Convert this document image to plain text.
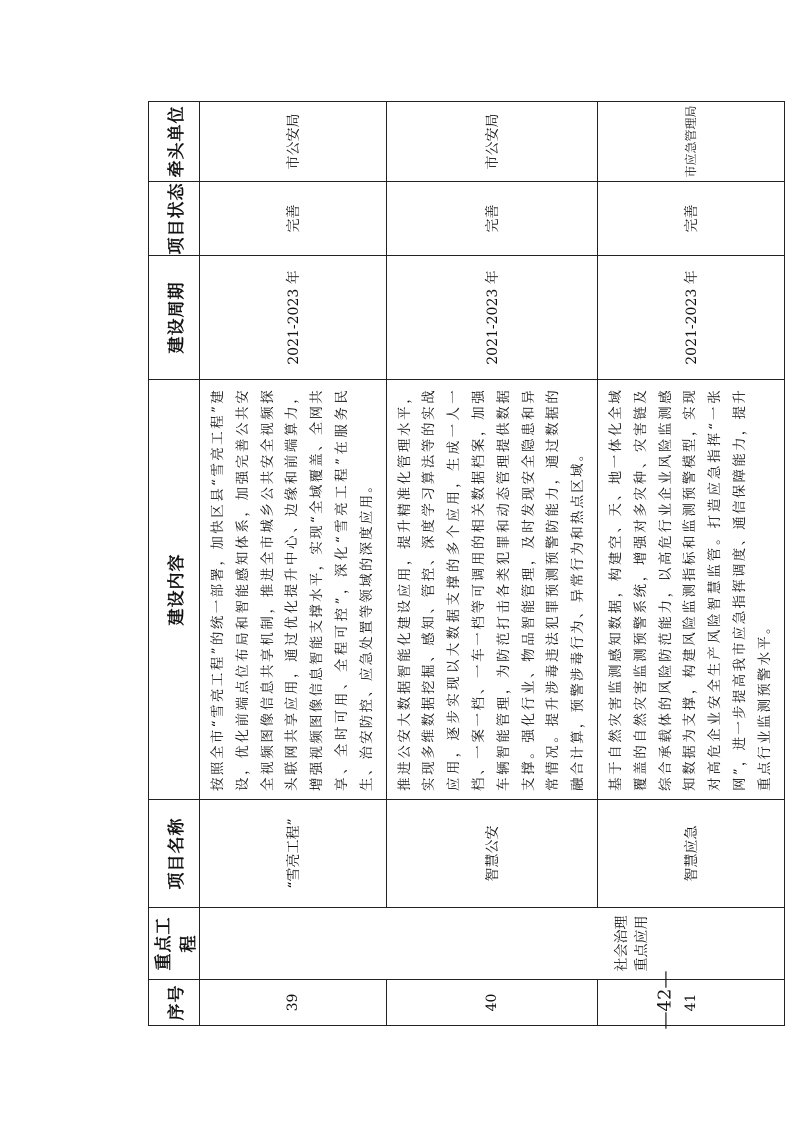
序号	重点工程	项目名称	建设内容	建设周期	项目状态	牵头单位
39	社会治理 重点应用	“雪亮工程”	按照全市“雪亮工程”的统一部署，加快区县“雪亮工程”建设，优化前端点位布局和智能感知体系，加强完善公共安全视频图像信息共享机制，推进全市城乡公共安全视频探头联网共享应用，通过优化提升中心、边缘和前端算力，增强视频图像信息智能支撑水平，实现“全域覆盖、全网共享、全时可用、全程可控”，深化“雪亮工程”在服务民生、治安防控、应急处置等领域的深度应用。	2021-2023 年	完善	市公安局
40		智慧公安	推进公安大数据智能化建设应用，提升精准化管理水平，实现多维数据挖掘、感知、管控、深度学习算法等的实战应用，逐步实现以大数据支撑的多个应用，生成一人一档、一案一档、一车一档等可调用的相关数据档案，加强车辆智能管理，为防范打击各类犯罪和动态管理提供数据支撑。强化行业、物品智能管理，及时发现安全隐患和异常情况。提升涉毒违法犯罪预测预警防能力，通过数据的融合计算，预警涉毒行为、异常行为和热点区域。	2021-2023 年	完善	市公安局
41		智慧应急	基于自然灾害监测感知数据，构建空、天、地一体化全域覆盖的自然灾害监测预警系统，增强对多灾种、灾害链及综合承载体的风险防范能力，以高危行业企业风险监测感知数据为支撑，构建风险监测指标和监测预警模型，实现对高危企业安全生产风险智慧监管。打造应急指挥“一张网”，进一步提高我市应急指挥调度、通信保障能力，提升重点行业监测预警水平。	2021-2023 年	完善	市应急管理局
—42—
